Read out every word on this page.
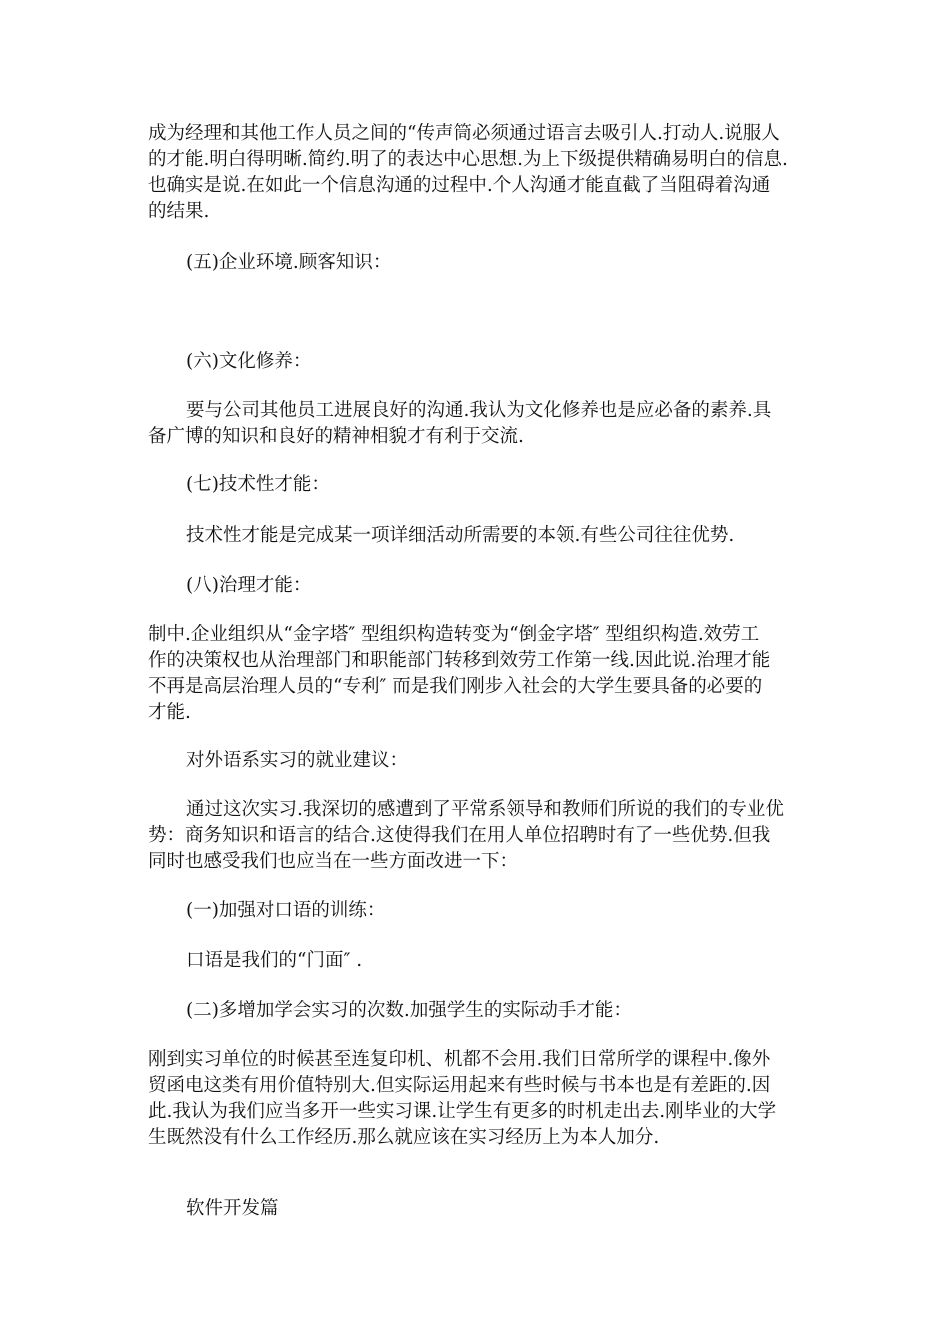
成为经理和其他工作人员之间的“传声筒必须通过语言去吸引人.打动人.说服人
的才能.明白得明晰.简约.明了的表达中心思想.为上下级提供精确易明白的信息.
也确实是说.在如此一个信息沟通的过程中.个人沟通才能直截了当阻碍着沟通
的结果.
(五)企业环境.顾客知识：
(六)文化修养：
要与公司其他员工进展良好的沟通.我认为文化修养也是应必备的素养.具
备广博的知识和良好的精神相貌才有利于交流.
(七)技术性才能：
技术性才能是完成某一项详细活动所需要的本领.有些公司往往优势.
(八)治理才能：
制中.企业组织从“金字塔″ 型组织构造转变为“倒金字塔″ 型组织构造.效劳工
作的决策权也从治理部门和职能部门转移到效劳工作第一线.因此说.治理才能
不再是高层治理人员的“专利″ 而是我们刚步入社会的大学生要具备的必要的
才能.
对外语系实习的就业建议：
通过这次实习.我深切的感遭到了平常系领导和教师们所说的我们的专业优
势：商务知识和语言的结合.这使得我们在用人单位招聘时有了一些优势.但我
同时也感受我们也应当在一些方面改进一下：
(一)加强对口语的训练：
口语是我们的“门面″ .
(二)多增加学会实习的次数.加强学生的实际动手才能：
刚到实习单位的时候甚至连复印机、机都不会用.我们日常所学的课程中.像外
贸函电这类有用价值特别大.但实际运用起来有些时候与书本也是有差距的.因
此.我认为我们应当多开一些实习课.让学生有更多的时机走出去.刚毕业的大学
生既然没有什么工作经历.那么就应该在实习经历上为本人加分.
软件开发篇
